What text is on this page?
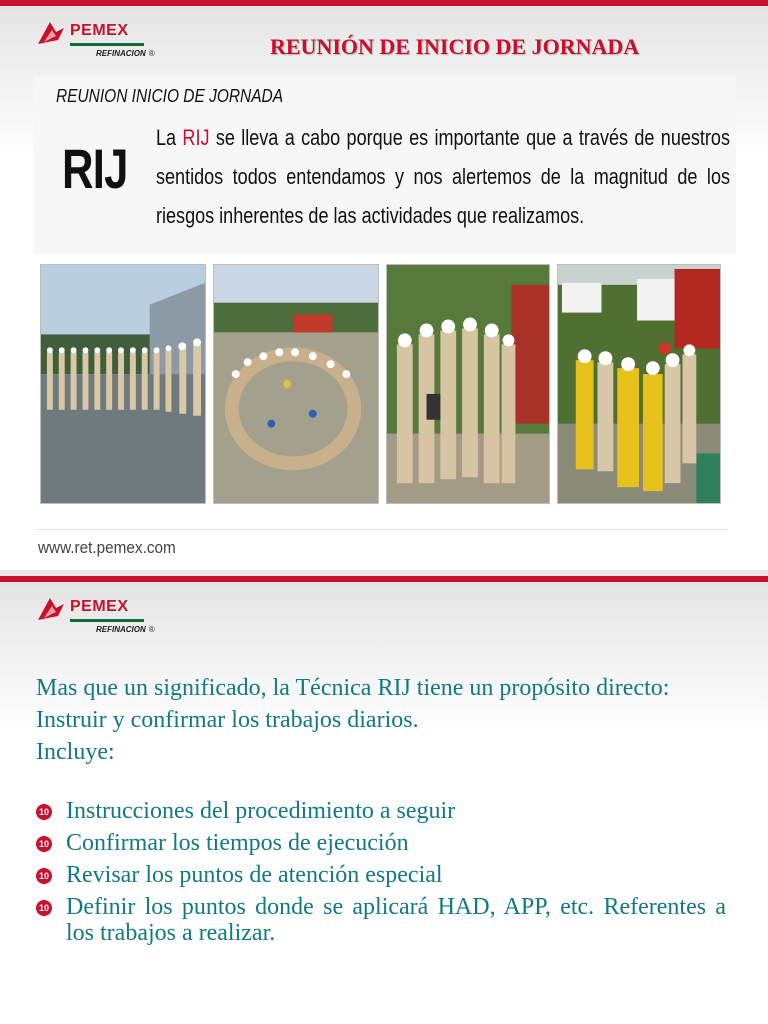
PEMEX
REFINACION ®	REUNIÓN DE INICIO DE JORNADA
REUNION INICIO DE JORNADA
RIJ La RIJ se lleva a cabo porque es importante que a través de nuestros sentidos todos entendamos y nos alertemos de la magnitud de los riesgos inherentes de las actividades que realizamos.
www.ret.pemex.com
PEMEX
REFINACION ®

Mas que un significado, la Técnica RIJ tiene un propósito directo:

Instruir y confirmar los trabajos diarios.

Incluye:

10 Instrucciones del procedimiento a seguir
10 Confirmar los tiempos de ejecución
10 Revisar los puntos de atención especial
10 Definir los puntos donde se aplicará HAD, APP, etc. Referentes a los trabajos a realizar.
